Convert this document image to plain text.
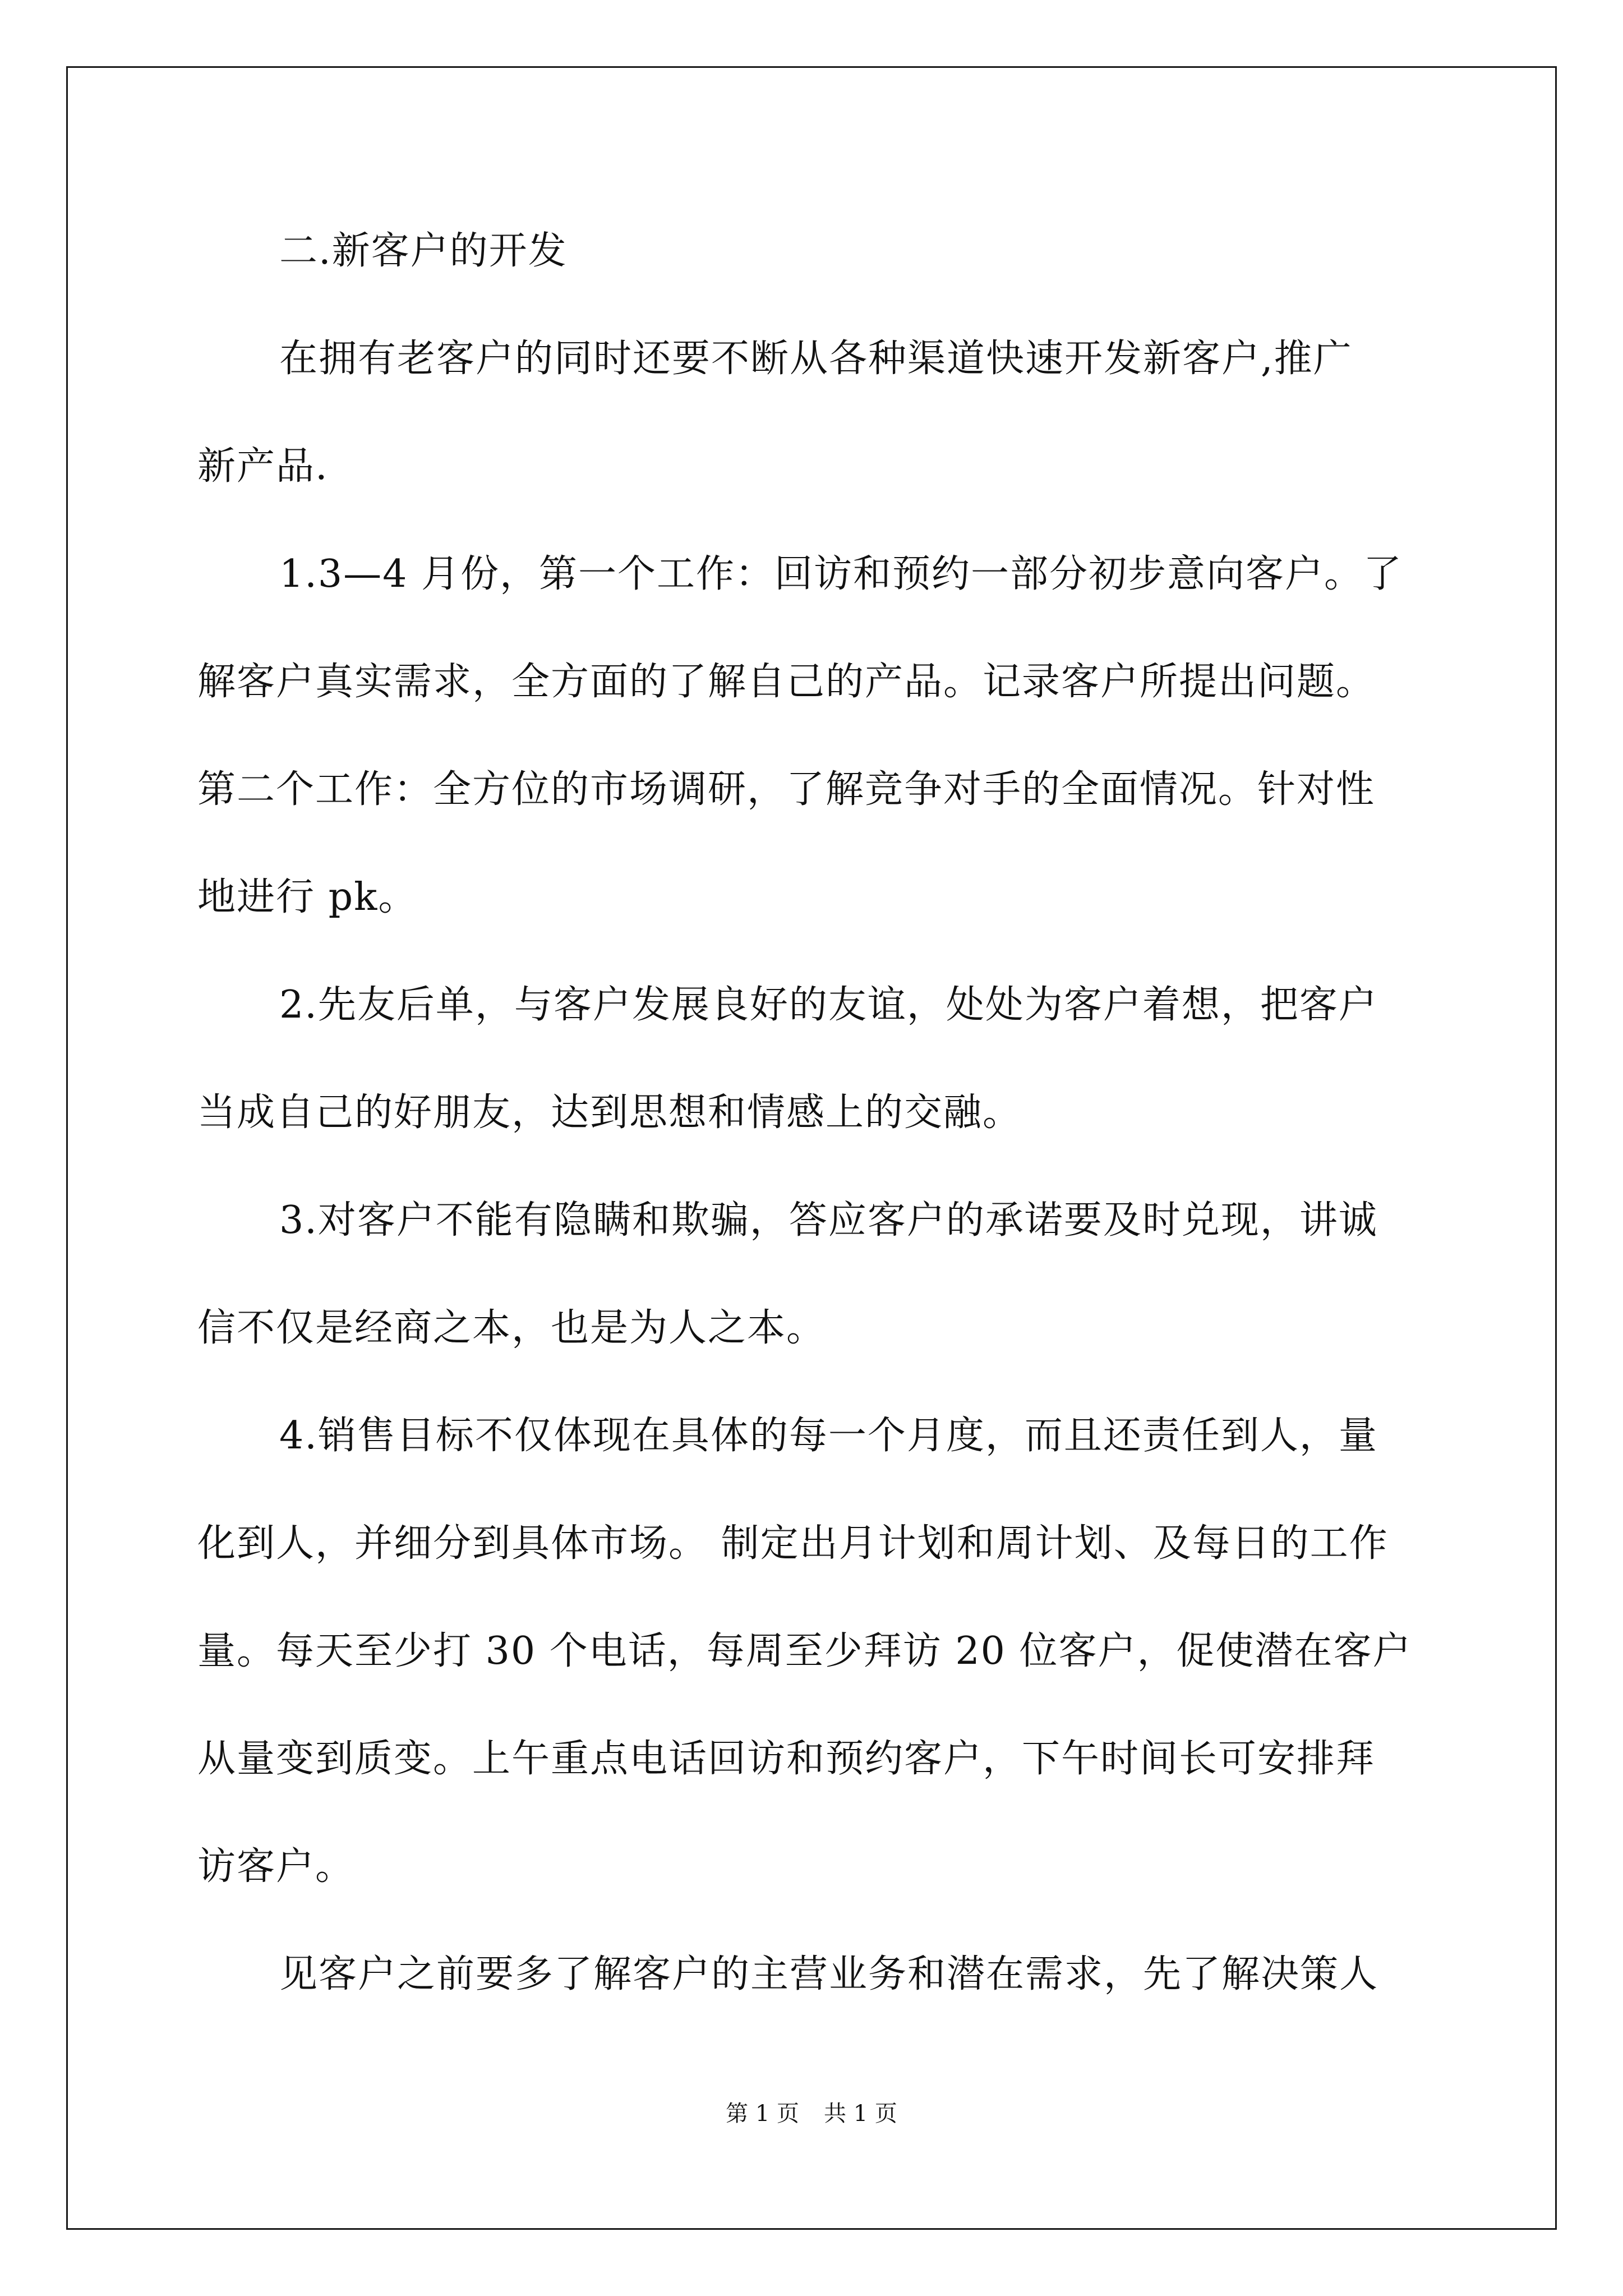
二.新客户的开发

在拥有老客户的同时还要不断从各种渠道快速开发新客户,推广

新产品.

1.3—4 月份，第一个工作：回访和预约一部分初步意向客户。了

解客户真实需求，全方面的了解自己的产品。记录客户所提出问题。

第二个工作：全方位的市场调研，了解竞争对手的全面情况。针对性

地进行 pk。

2.先友后单，与客户发展良好的友谊，处处为客户着想，把客户

当成自己的好朋友，达到思想和情感上的交融。

3.对客户不能有隐瞒和欺骗，答应客户的承诺要及时兑现，讲诚

信不仅是经商之本，也是为人之本。

4.销售目标不仅体现在具体的每一个月度，而且还责任到人，量

化到人，并细分到具体市场。 制定出月计划和周计划、及每日的工作

量。每天至少打 30 个电话，每周至少拜访 20 位客户，促使潜在客户

从量变到质变。上午重点电话回访和预约客户，下午时间长可安排拜

访客户。

见客户之前要多了解客户的主营业务和潜在需求，先了解决策人

第 1 页 共 1 页
